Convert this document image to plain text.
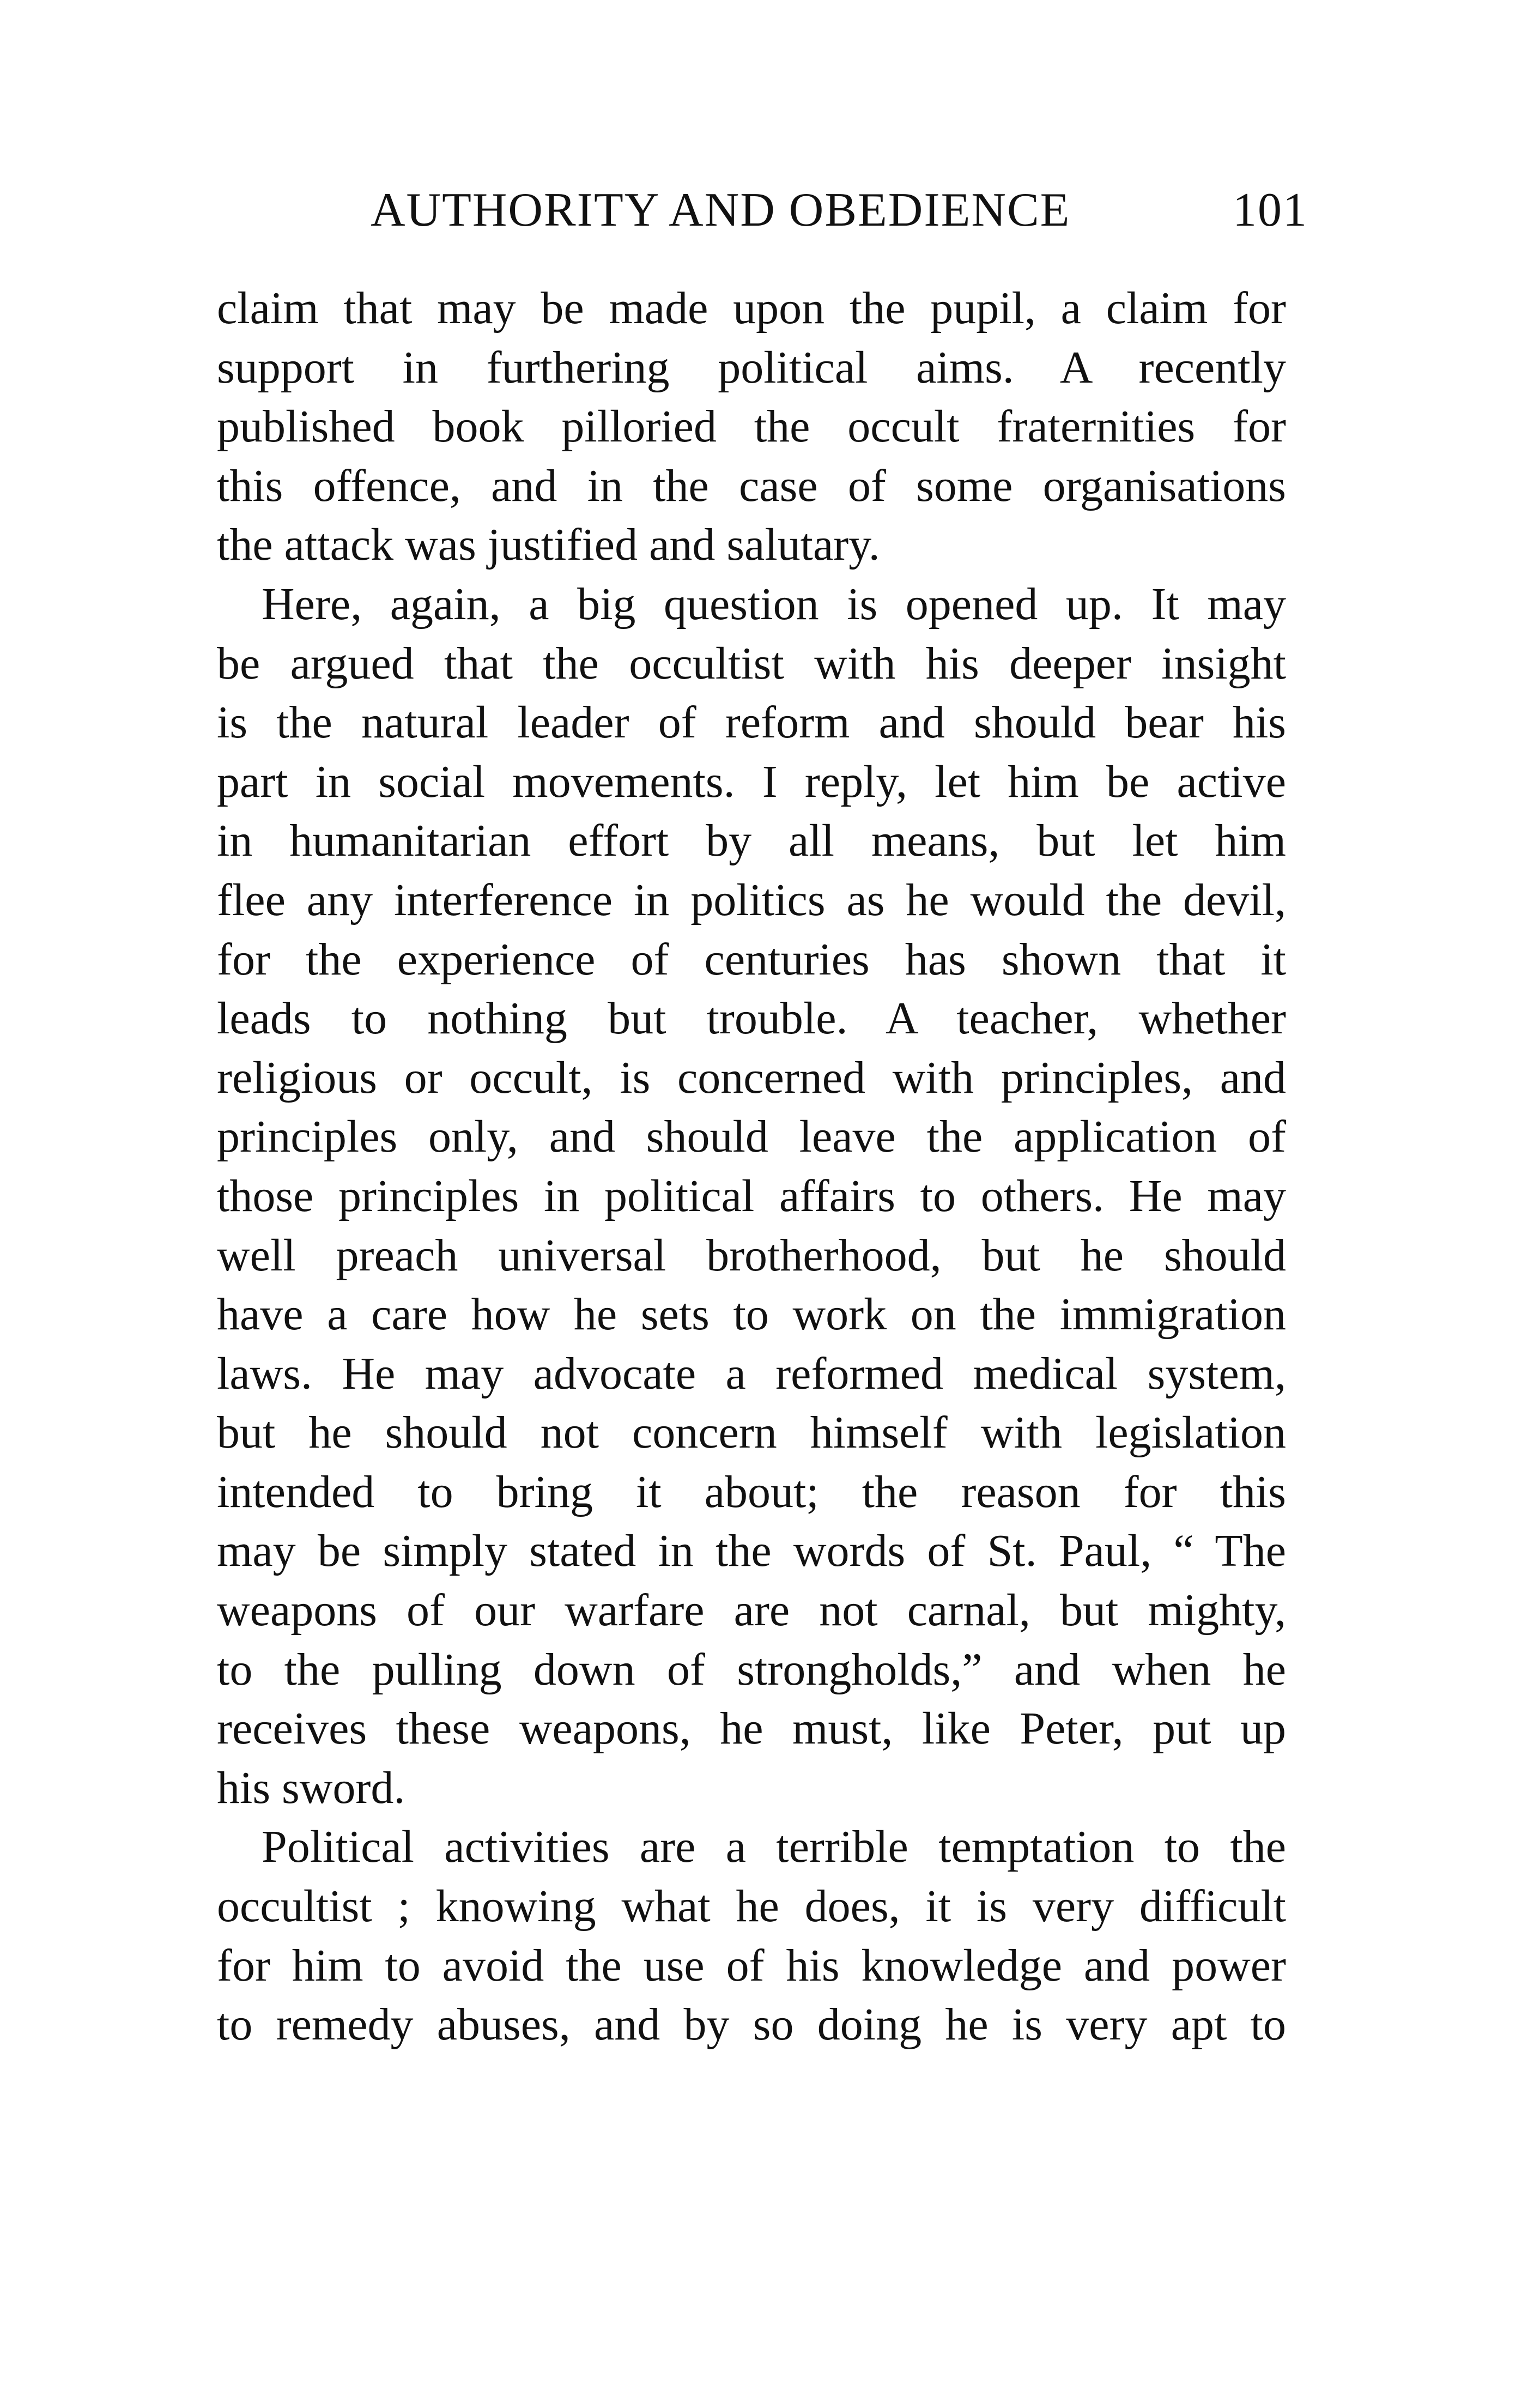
AUTHORITY AND OBEDIENCE	101

claim that may be made upon the pupil, a claim for
support in furthering political aims. A recently
published book pilloried the occult fraternities for
this offence, and in the case of some organisations
the attack was justified and salutary.

Here, again, a big question is opened up. It may
be argued that the occultist with his deeper insight
is the natural leader of reform and should bear his
part in social movements. I reply, let him be active
in humanitarian effort by all means, but let him
flee any interference in politics as he would the devil,
for the experience of centuries has shown that it
leads to nothing but trouble. A teacher, whether
religious or occult, is concerned with principles, and
principles only, and should leave the application of
those principles in political affairs to others. He may
well preach universal brotherhood, but he should
have a care how he sets to work on the immigration
laws. He may advocate a reformed medical system,
but he should not concern himself with legislation
intended to bring it about; the reason for this
may be simply stated in the words of St. Paul, “ The
weapons of our warfare are not carnal, but mighty,
to the pulling down of strongholds,” and when he
receives these weapons, he must, like Peter, put up
his sword.

Political activities are a terrible temptation to the
occultist ; knowing what he does, it is very difficult
for him to avoid the use of his knowledge and power
to remedy abuses, and by so doing he is very apt to
